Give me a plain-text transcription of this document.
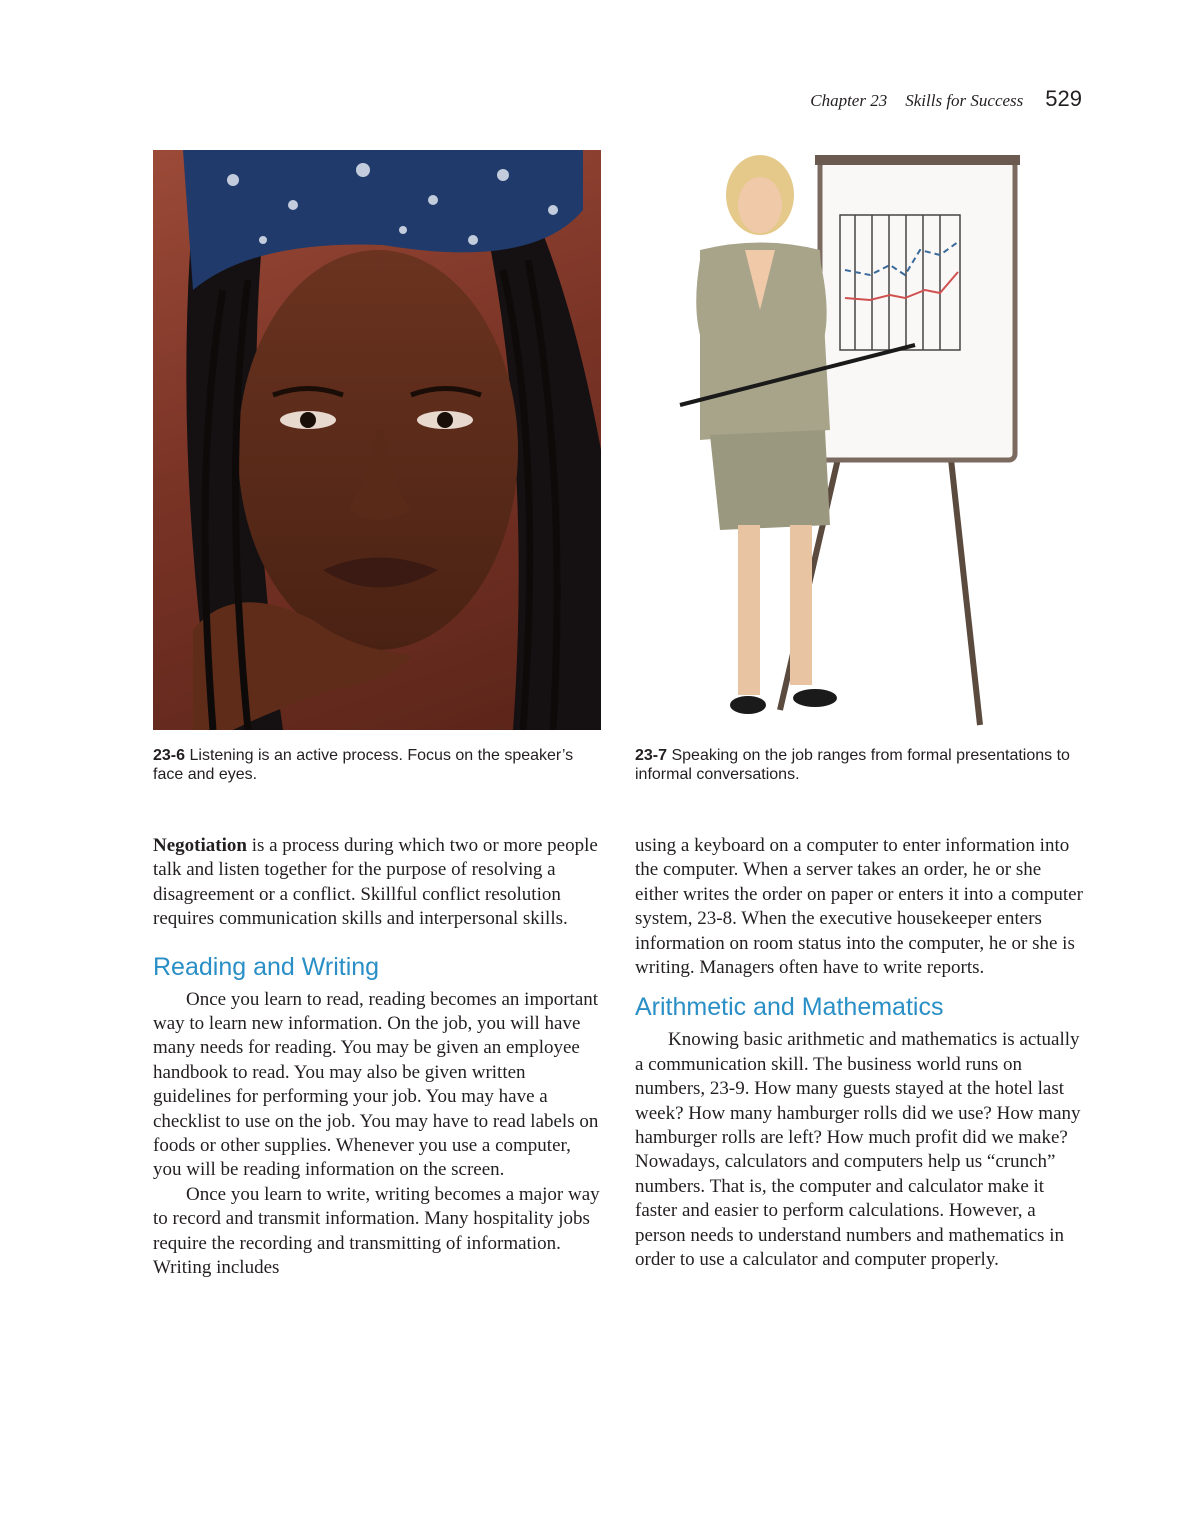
Chapter 23 Skills for Success 529
23-6 Listening is an active process. Focus on the speaker’s face and eyes.
23-7 Speaking on the job ranges from formal presentations to informal conversations.

Negotiation is a process during which two or more people talk and listen together for the purpose of resolving a disagreement or a conflict. Skillful conflict resolution requires communication skills and interpersonal skills.

Reading and Writing

Once you learn to read, reading becomes an important way to learn new information. On the job, you will have many needs for reading. You may be given an employee handbook to read. You may also be given written guidelines for performing your job. You may have a checklist to use on the job. You may have to read labels on foods or other supplies. Whenever you use a computer, you will be reading information on the screen.

Once you learn to write, writing becomes a major way to record and transmit information. Many hospitality jobs require the recording and transmitting of information. Writing includes

using a keyboard on a computer to enter information into the computer. When a server takes an order, he or she either writes the order on paper or enters it into a computer system, 23-8. When the executive housekeeper enters information on room status into the computer, he or she is writing. Managers often have to write reports.

Arithmetic and Mathematics

Knowing basic arithmetic and mathematics is actually a communication skill. The business world runs on numbers, 23-9. How many guests stayed at the hotel last week? How many hamburger rolls did we use? How many hamburger rolls are left? How much profit did we make? Nowadays, calculators and computers help us “crunch” numbers. That is, the computer and calculator make it faster and easier to perform calculations. However, a person needs to understand numbers and mathematics in order to use a calculator and computer properly.
